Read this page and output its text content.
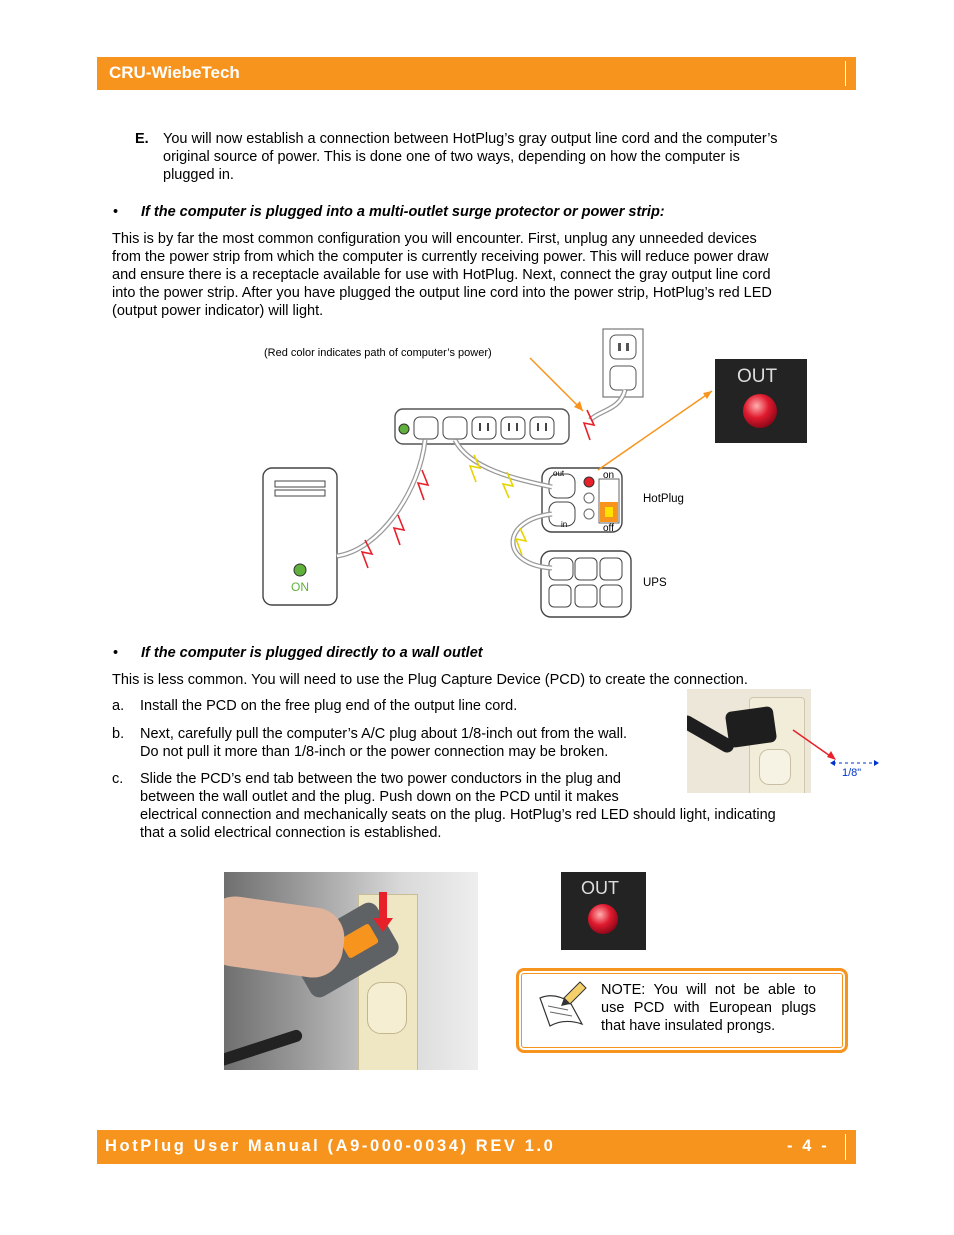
CRU-WiebeTech
E. You will now establish a connection between HotPlug’s gray output line cord and the computer’s
original source of power. This is done one of two ways, depending on how the computer is
plugged in.
• If the computer is plugged into a multi-outlet surge protector or power strip:
This is by far the most common configuration you will encounter. First, unplug any unneeded devices
from the power strip from which the computer is currently receiving power. This will reduce power draw
and ensure there is a receptacle available for use with HotPlug. Next, connect the gray output line cord
into the power strip. After you have plugged the output line cord into the power strip, HotPlug’s red LED
(output power indicator) will light.
(Red color indicates path of computer’s power)
ON
out
in
on
off
HotPlug
UPS
OUT
• If the computer is plugged directly to a wall outlet
This is less common. You will need to use the Plug Capture Device (PCD) to create the connection.
a. Install the PCD on the free plug end of the output line cord.
b. Next, carefully pull the computer’s A/C plug about 1/8-inch out from the wall.
Do not pull it more than 1/8-inch or the power connection may be broken.
c. Slide the PCD’s end tab between the two power conductors in the plug and
between the wall outlet and the plug. Push down on the PCD until it makes
electrical connection and mechanically seats on the plug. HotPlug’s red LED should light, indicating
that a solid electrical connection is established.
1/8"
OUT
NOTE: You will not be able to use PCD with European plugs that have insulated prongs.
HotPlug User Manual (A9-000-0034) REV 1.0	- 4 -
